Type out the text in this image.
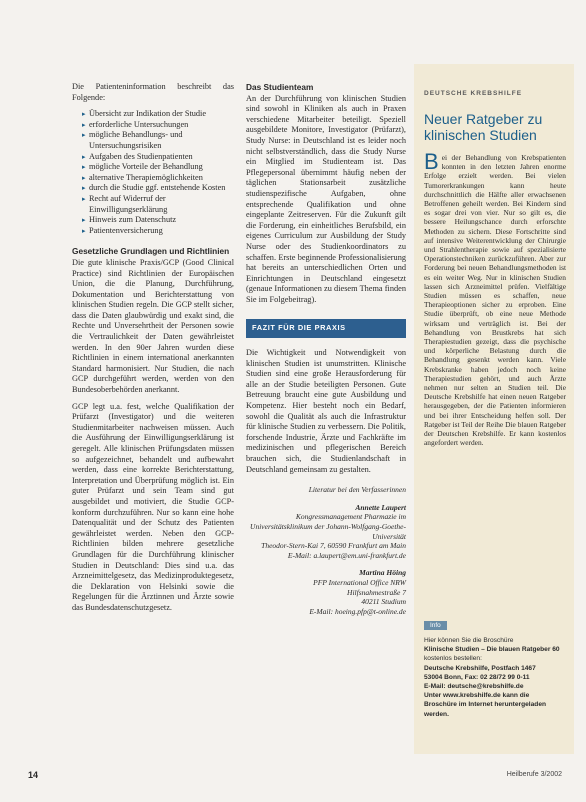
Die Patienteninformation beschreibt das Folgende:

▸ Übersicht zur Indikation der Studie
▸ erforderliche Untersuchungen
▸ mögliche Behandlungs- und Untersuchungsrisiken
▸ Aufgaben des Studienpatienten
▸ mögliche Vorteile der Behandlung
▸ alternative Therapiemöglichkeiten
▸ durch die Studie ggf. entstehende Kosten
▸ Recht auf Widerruf der Einwilligungserklärung
▸ Hinweis zum Datenschutz
▸ Patientenversicherung
Gesetzliche Grundlagen und Richtlinien

Die gute klinische Praxis/GCP (Good Clinical Practice) sind Richtlinien der Europäischen Union, die die Planung, Durchführung, Dokumentation und Berichterstattung von klinischen Studien regeln. Die GCP stellt sicher, dass die Daten glaubwürdig und exakt sind, die Rechte und Unversehrtheit der Personen sowie die Vertraulichkeit der Daten gewährleistet werden. In den 90er Jahren wurden diese Richtlinien in einem international anerkannten Standard harmonisiert. Nur Studien, die nach GCP durchgeführt werden, werden von den Bundesoberbehörden anerkannt.

GCP legt u.a. fest, welche Qualifikation der Prüfarzt (Investigator) und die weiteren Studienmitarbeiter nachweisen müssen. Auch die Ausführung der Einwilligungserklärung ist geregelt. Alle klinischen Prüfungsdaten müssen so aufgezeichnet, behandelt und aufbewahrt werden, dass eine korrekte Berichterstattung, Interpretation und Überprüfung möglich ist. Ein guter Prüfarzt und sein Team sind gut ausgebildet und motiviert, die Studie GCP-konform durchzuführen. Nur so kann eine hohe Datenqualität und der Schutz des Patienten gewährleistet werden. Neben den GCP-Richtlinien bilden mehrere gesetzliche Grundlagen für die Durchführung klinischer Studien in Deutschland: Dies sind u.a. das Arzneimittelgesetz, das Medizinproduktegesetz, die Deklaration von Helsinki sowie die Regelungen für die Ärztinnen und Ärzte sowie das Bundesdatenschutzgesetz.

Das Studienteam

An der Durchführung von klinischen Studien sind sowohl in Kliniken als auch in Praxen verschiedene Mitarbeiter beteiligt. Speziell ausgebildete Monitore, Investigator (Prüfarzt), Study Nurse: in Deutschland ist es leider noch nicht selbstverständlich, dass die Study Nurse ein Mitglied im Studienteam ist. Das Pflegepersonal übernimmt häufig neben der täglichen Stationsarbeit zusätzliche studienspezifische Aufgaben, ohne entsprechende Qualifikation und ohne eingeplante Zeitreserven. Für die Zukunft gilt die Forderung, ein einheitliches Berufsbild, ein eigenes Curriculum zur Ausbildung der Study Nurse oder des Studienkoordinators zu schaffen. Erste beginnende Professionalisierung hat bereits an unterschiedlichen Orten und Einrichtungen in Deutschland eingesetzt (genaue Informationen zu diesem Thema finden Sie im Folgebeitrag).

FAZIT FÜR DIE PRAXIS

Die Wichtigkeit und Notwendigkeit von klinischen Studien ist unumstritten. Klinische Studien sind eine große Herausforderung für alle an der Studie beteiligten Personen. Gute Betreuung braucht eine gute Ausbildung und Kompetenz. Hier besteht noch ein Bedarf, sowohl die Qualität als auch die Infrastruktur für klinische Studien zu verbessern. Die Politik, forschende Industrie, Ärzte und Fachkräfte im medizinischen und pflegerischen Bereich brauchen sich, die Studienlandschaft in Deutschland gemeinsam zu gestalten.

Literatur bei den Verfasserinnen
Annette Laupert
Kongressmanagement Pharmazie im Universitätsklinikum der Johann-Wolfgang-Goethe-Universität
Theodor-Stern-Kai 7, 60590 Frankfurt am Main
E-Mail: a.laupert@em.uni-frankfurt.de
Martina Höing
PFP International Office NRW
Hilfsnahmestraße 7
40211 Studium
E-Mail: hoeing.pfp@t-online.de
DEUTSCHE KREBSHILFE
Neuer Ratgeber zu klinischen Studien
Bei der Behandlung von Krebspatienten konnten in den letzten Jahren enorme Erfolge erzielt werden. Bei vielen Tumorerkrankungen kann heute durchschnittlich die Hälfte aller erwachsenen Betroffenen geheilt werden. Bei Kindern sind es sogar drei von vier. Nur so gilt es, die bessere Heilungschance durch erforschte Methoden zu sichern. Diese Fortschritte sind auf intensive Weiterentwicklung der Chirurgie und Strahlentherapie sowie auf spezialisierte Operationstechniken zurückzuführen. Aber zur Forderung bei neuen Behandlungsmethoden ist es ein weiter Weg. Nur in klinischen Studien lassen sich Arzneimittel prüfen. Vielfältige Studien müssen es schaffen, neue Therapieoptionen sicher zu erproben. Eine Studie überprüft, ob eine neue Methode wirksam und verträglich ist. Bei der Behandlung von Brustkrebs hat sich Therapiestudien gezeigt, dass die psychische und körperliche Belastung durch die Behandlung gesenkt werden kann. Viele Krebskranke haben jedoch noch keine Therapiestudien gehört, und auch Ärzte nehmen nur selten an Studien teil. Die Deutsche Krebshilfe hat einen neuen Ratgeber herausgegeben, der die Patienten informieren und bei ihrer Entscheidung helfen soll. Der Ratgeber ist Teil der Reihe Die blauen Ratgeber der Deutschen Krebshilfe. Er kann kostenlos angefordert werden.
Info
Hier können Sie die Broschüre
Klinische Studien – Die blauen Ratgeber 60
kostenlos bestellen:
Deutsche Krebshilfe, Postfach 1467
53004 Bonn, Fax: 02 28/72 99 0-11
E-Mail: deutsche@krebshilfe.de
Unter www.krebshilfe.de kann die
Broschüre im Internet heruntergeladen
werden.
14	Heilberufe 3/2002
